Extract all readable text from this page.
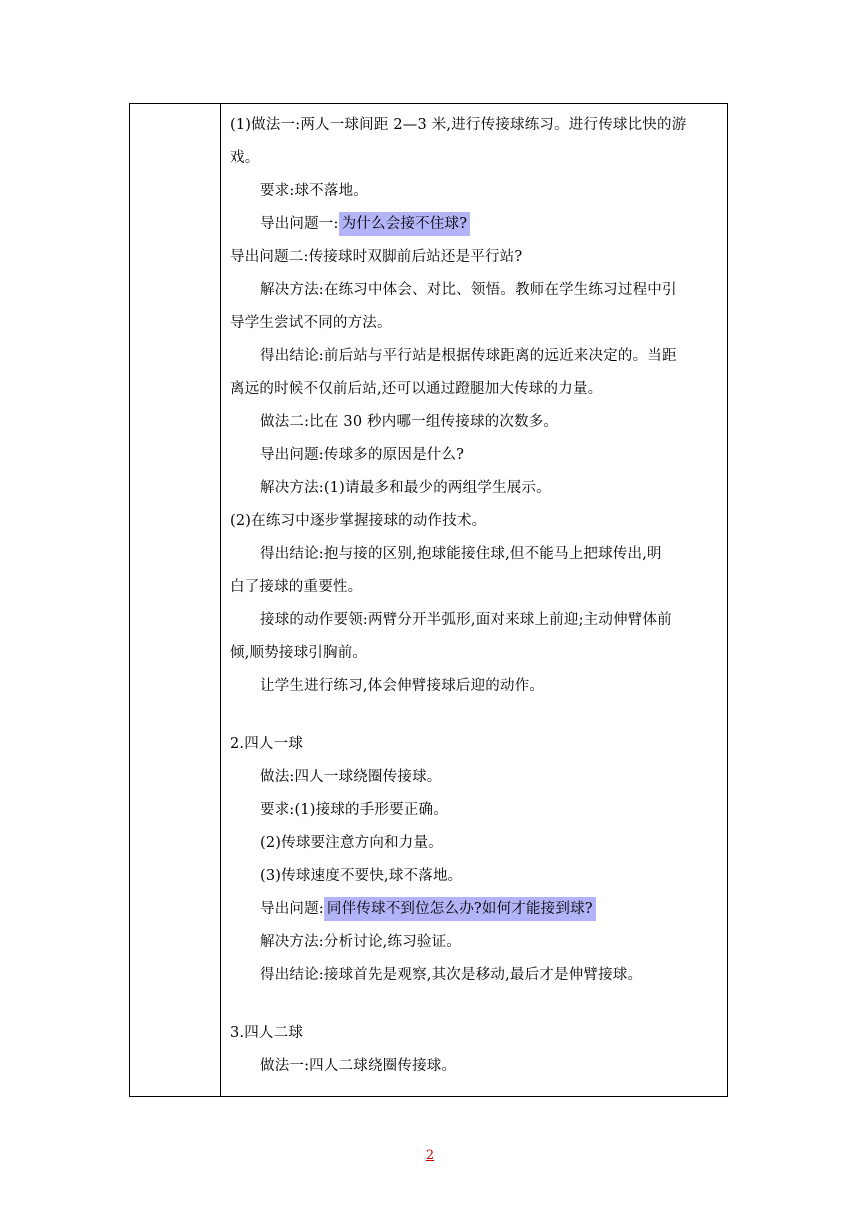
(1)做法一:两人一球间距 2—3 米,进行传接球练习。进行传球比快的游
戏。
要求:球不落地。
导出问题一: 为什么会接不住球?
导出问题二:传接球时双脚前后站还是平行站?
解决方法:在练习中体会、对比、领悟。教师在学生练习过程中引
导学生尝试不同的方法。
得出结论:前后站与平行站是根据传球距离的远近来决定的。当距
离远的时候不仅前后站,还可以通过蹬腿加大传球的力量。
做法二:比在 30 秒内哪一组传接球的次数多。
导出问题:传球多的原因是什么?
解决方法:(1)请最多和最少的两组学生展示。
(2)在练习中逐步掌握接球的动作技术。
得出结论:抱与接的区别,抱球能接住球,但不能马上把球传出,明
白了接球的重要性。
接球的动作要领:两臂分开半弧形,面对来球上前迎;主动伸臂体前
倾,顺势接球引胸前。
让学生进行练习,体会伸臂接球后迎的动作。
2.四人一球
做法:四人一球绕圈传接球。
要求:(1)接球的手形要正确。
(2)传球要注意方向和力量。
(3)传球速度不要快,球不落地。
导出问题: 同伴传球不到位怎么办?如何才能接到球?
解决方法:分析讨论,练习验证。
得出结论:接球首先是观察,其次是移动,最后才是伸臂接球。
3.四人二球
做法一:四人二球绕圈传接球。
2
